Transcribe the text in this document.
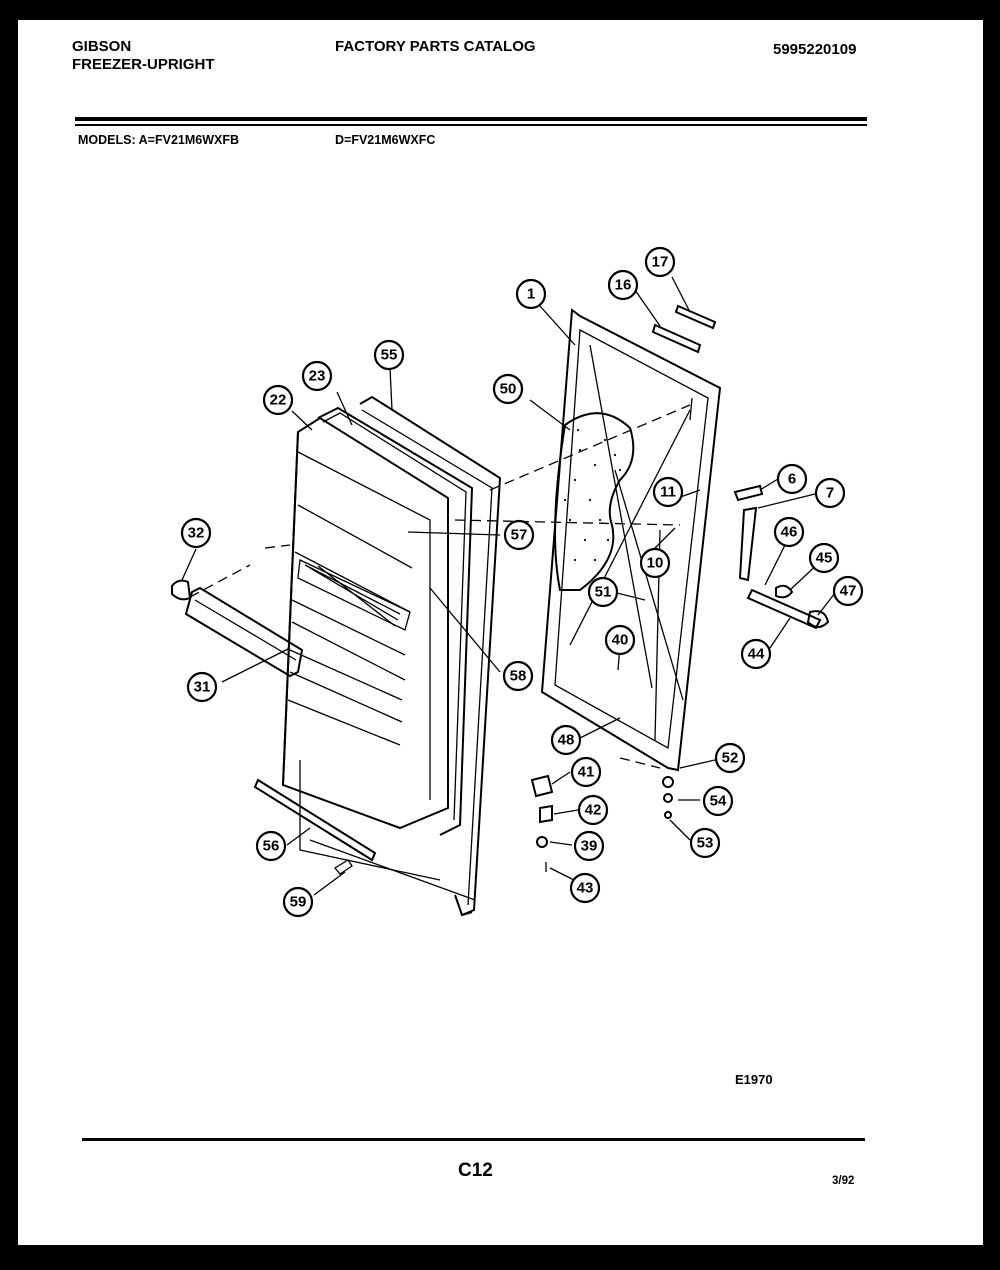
GIBSON
FREEZER-UPRIGHT
FACTORY PARTS CATALOG	5995220109
MODELS: A=FV21M6WXFB	D=FV21M6WXFC
1
6
7
10
11
16
17
22
23
31
32
39
40
41
42
43
44
45
46
47
48
50
51
52
53
54
55
56
57
58
59
E1970
C12	3/92
